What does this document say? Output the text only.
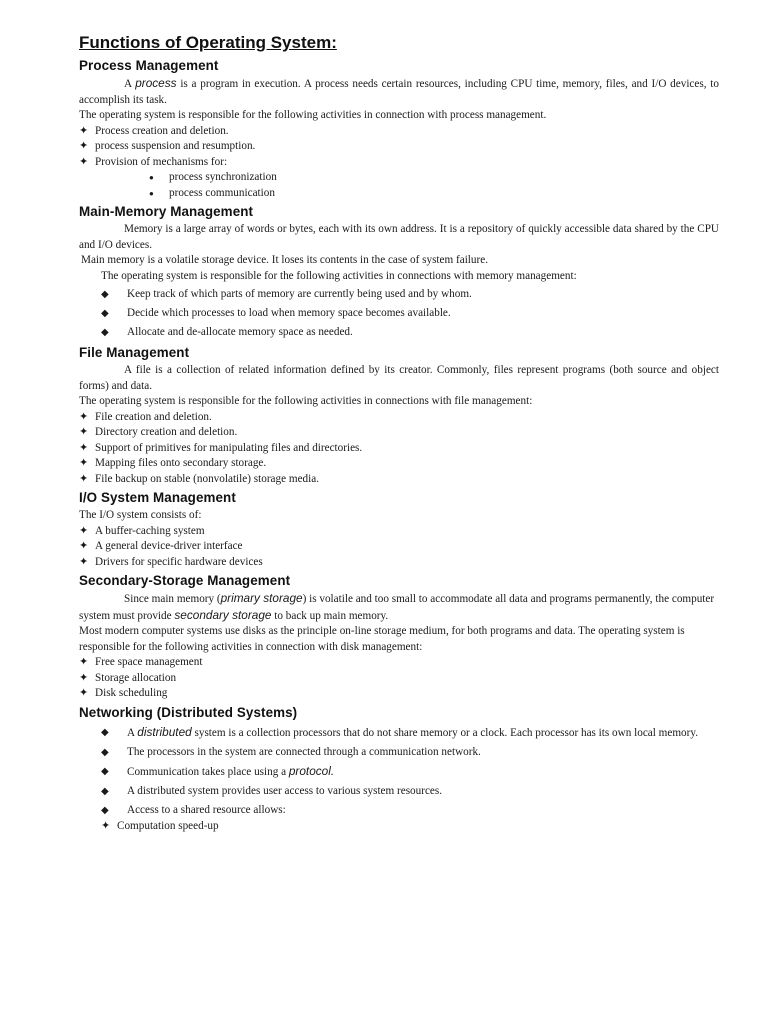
Functions of Operating System:
Process Management

A process is a program in execution. A process needs certain resources, including CPU time, memory, files, and I/O devices, to accomplish its task.

The operating system is responsible for the following activities in connection with process management.

✦ Process creation and deletion.
✦ process suspension and resumption.
✦ Provision of mechanisms for:
● process synchronization
● process communication
Main-Memory Management

Memory is a large array of words or bytes, each with its own address. It is a repository of quickly accessible data shared by the CPU and I/O devices.

Main memory is a volatile storage device. It loses its contents in the case of system failure.

The operating system is responsible for the following activities in connections with memory management:

◆ Keep track of which parts of memory are currently being used and by whom.
◆ Decide which processes to load when memory space becomes available.
◆ Allocate and de-allocate memory space as needed.
File Management

A file is a collection of related information defined by its creator. Commonly, files represent programs (both source and object forms) and data.

The operating system is responsible for the following activities in connections with file management:

✦ File creation and deletion.
✦ Directory creation and deletion.
✦ Support of primitives for manipulating files and directories.
✦ Mapping files onto secondary storage.
✦ File backup on stable (nonvolatile) storage media.
I/O System Management

The I/O system consists of:

✦ A buffer-caching system
✦ A general device-driver interface
✦ Drivers for specific hardware devices
Secondary-Storage Management

Since main memory (primary storage) is volatile and too small to accommodate all data and programs permanently, the computer system must provide secondary storage to back up main memory.

Most modern computer systems use disks as the principle on-line storage medium, for both programs and data. The operating system is responsible for the following activities in connection with disk management:

✦ Free space management
✦ Storage allocation
✦ Disk scheduling
Networking (Distributed Systems)
◆ A distributed system is a collection processors that do not share memory or a clock. Each processor has its own local memory.
◆ The processors in the system are connected through a communication network.
◆ Communication takes place using a protocol.
◆ A distributed system provides user access to various system resources.
◆ Access to a shared resource allows:
✦ Computation speed-up
